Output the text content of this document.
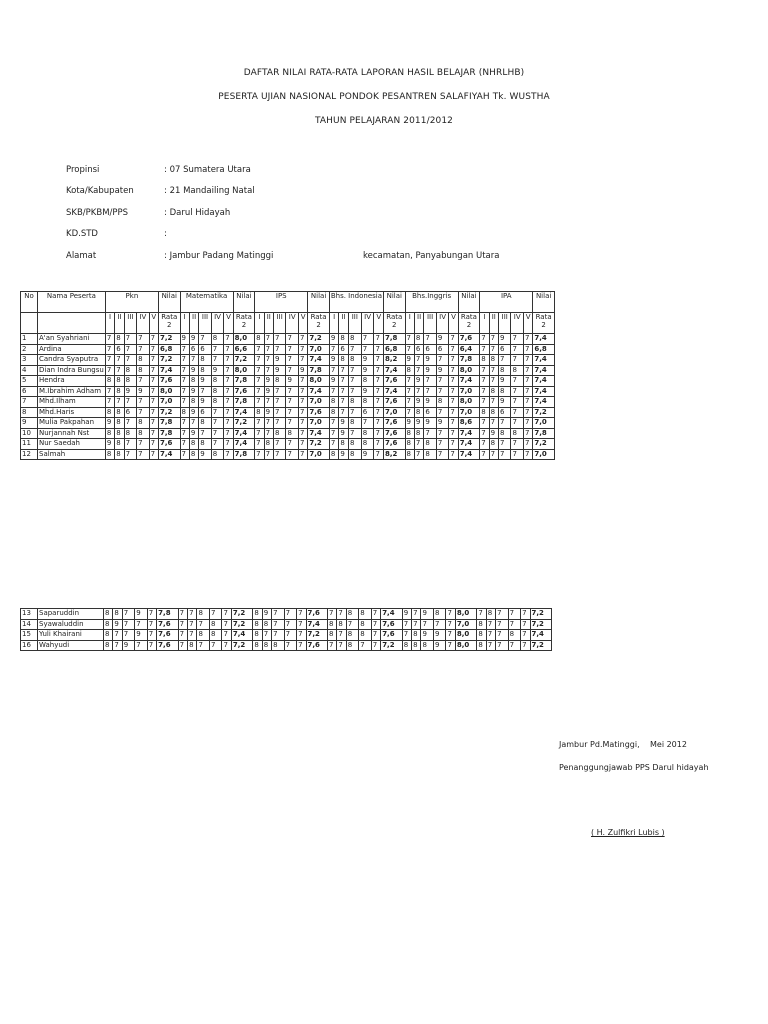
DAFTAR NILAI RATA-RATA LAPORAN HASIL BELAJAR (NHRLHB)
PESERTA UJIAN NASIONAL PONDOK PESANTREN SALAFIYAH Tk. WUSTHA
TAHUN PELAJARAN 2011/2012
Propinsi	: 07 Sumatera Utara
Kota/Kabupaten	: 21 Mandailing Natal
SKB/PKBM/PPS	: Darul Hidayah
KD.STD	:
Alamat	: Jambur Padang Matinggi	kecamatan, Panyabungan Utara
No	Nama Peserta	Pkn					Nilai	Matematika					Nilai	IPS					Nilai	Bhs. Indonesia					Nilai	Bhs.Inggris					Nilai	IPA					Nilai
		I	II	III	IV	V	Rata 2	I	II	III	IV	V	Rata 2	I	II	III	IV	V	Rata 2	I	II	III	IV	V	Rata 2	I	II	III	IV	V	Rata 2	I	II	III	IV	V	Rata 2
1	A'an Syahriani	7	8	7	7	7	7,2	9	9	7	8	7	8,0	8	7	7	7	7	7,2	9	8	8	7	7	7,8	7	8	7	9	7	7,6	7	7	9	7	7	7,4
2	Ardina	7	6	7	7	7	6,8	7	6	6	7	7	6,6	7	7	7	7	7	7,0	7	6	7	7	7	6,8	7	6	6	6	7	6,4	7	7	6	7	7	6,8
3	Candra Syaputra	7	7	7	8	7	7,2	7	7	8	7	7	7,2	7	7	9	7	7	7,4	9	8	8	9	7	8,2	9	7	9	7	7	7,8	8	8	7	7	7	7,4
4	Dian Indra Bungsu	7	7	8	8	7	7,4	7	9	8	9	7	8,0	7	7	9	7	9	7,8	7	7	7	9	7	7,4	8	7	9	9	7	8,0	7	7	8	8	7	7,4
5	Hendra	8	8	8	7	7	7,6	7	8	9	8	7	7,8	7	9	8	9	7	8,0	9	7	7	8	7	7,6	7	9	7	7	7	7,4	7	7	9	7	7	7,4
6	M.Ibrahim Adham	7	8	9	9	7	8,0	7	9	7	8	7	7,6	7	9	7	7	7	7,4	7	7	7	9	7	7,4	7	7	7	7	7	7,0	7	8	8	7	7	7,4
7	Mhd.Ilham	7	7	7	7	7	7,0	7	8	9	8	7	7,8	7	7	7	7	7	7,0	8	7	8	8	7	7,6	7	9	9	8	7	8,0	7	7	9	7	7	7,4
8	Mhd.Haris	8	8	6	7	7	7,2	8	9	6	7	7	7,4	8	9	7	7	7	7,6	8	7	7	6	7	7,0	7	8	6	7	7	7,0	8	8	6	7	7	7,2
9	Mulia Pakpahan	9	8	7	8	7	7,8	7	7	8	7	7	7,2	7	7	7	7	7	7,0	7	9	8	7	7	7,6	9	9	9	9	7	8,6	7	7	7	7	7	7,0
10	Nurjannah Nst	8	8	8	8	7	7,8	7	9	7	7	7	7,4	7	7	8	8	7	7,4	7	9	7	8	7	7,6	8	8	7	7	7	7,4	7	9	8	8	7	7,8
11	Nur Saedah	9	8	7	7	7	7,6	7	8	8	7	7	7,4	7	8	7	7	7	7,2	7	8	8	8	7	7,6	8	7	8	7	7	7,4	7	8	7	7	7	7,2
12	Salmah	8	8	7	7	7	7,4	7	8	9	8	7	7,8	7	7	7	7	7	7,0	8	9	8	9	7	8,2	8	7	8	7	7	7,4	7	7	7	7	7	7,0
13	Saparuddin	8	8	7	9	7	7,8	7	7	8	7	7	7,2	8	9	7	7	7	7,6	7	7	8	8	7	7,4	9	7	9	8	7	8,0	7	8	7	7	7	7,2
14	Syawaluddin	8	9	7	7	7	7,6	7	7	7	8	7	7,2	8	8	7	7	7	7,4	8	8	7	8	7	7,6	7	7	7	7	7	7,0	8	7	7	7	7	7,2
15	Yuli Khairani	8	7	7	9	7	7,6	7	7	8	8	7	7,4	8	7	7	7	7	7,2	8	7	8	8	7	7,6	7	8	9	9	7	8,0	8	7	7	8	7	7,4
16	Wahyudi	8	7	9	7	7	7,6	7	8	7	7	7	7,2	8	8	8	7	7	7,6	7	7	8	7	7	7,2	8	8	8	9	7	8,0	8	7	7	7	7	7,2
Jambur Pd.Matinggi, Mei 2012
Penanggungjawab PPS Darul hidayah
( H. Zulfikri Lubis )
